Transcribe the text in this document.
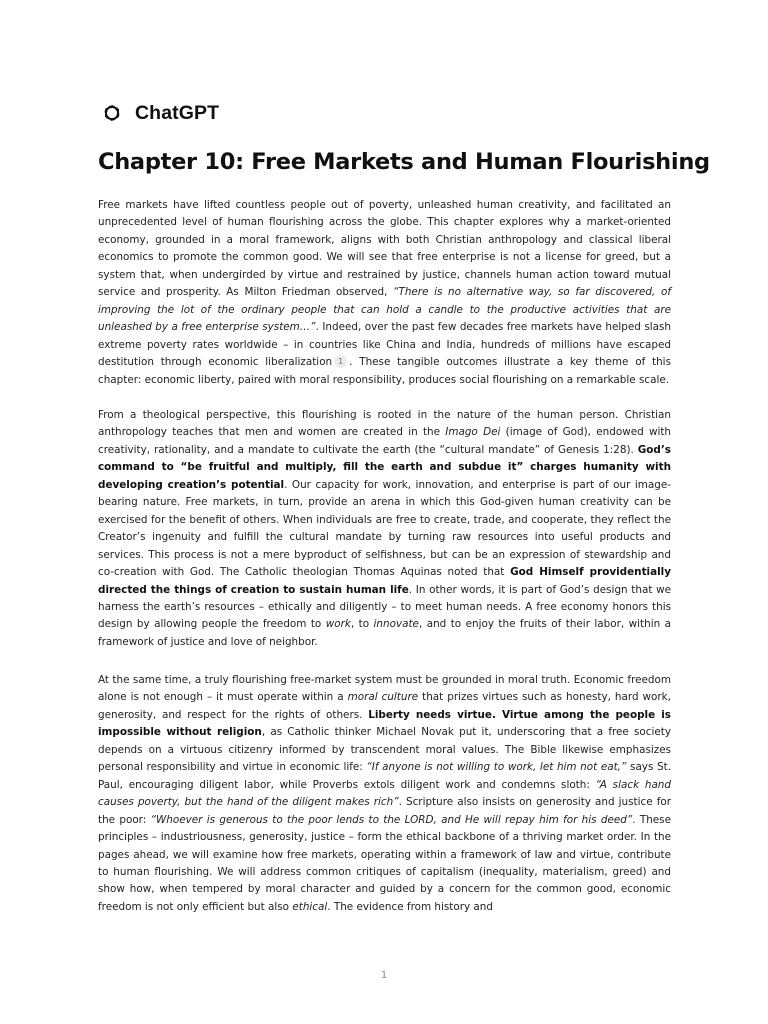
ChatGPT
Chapter 10: Free Markets and Human Flourishing

Free markets have lifted countless people out of poverty, unleashed human creativity, and facilitated an unprecedented level of human flourishing across the globe. This chapter explores why a market-oriented economy, grounded in a moral framework, aligns with both Christian anthropology and classical liberal economics to promote the common good. We will see that free enterprise is not a license for greed, but a system that, when undergirded by virtue and restrained by justice, channels human action toward mutual service and prosperity. As Milton Friedman observed, “There is no alternative way, so far discovered, of improving the lot of the ordinary people that can hold a candle to the productive activities that are unleashed by a free enterprise system…”. Indeed, over the past few decades free markets have helped slash extreme poverty rates worldwide – in countries like China and India, hundreds of millions have escaped destitution through economic liberalization 1 . These tangible outcomes illustrate a key theme of this chapter: economic liberty, paired with moral responsibility, produces social flourishing on a remarkable scale.

From a theological perspective, this flourishing is rooted in the nature of the human person. Christian anthropology teaches that men and women are created in the Imago Dei (image of God), endowed with creativity, rationality, and a mandate to cultivate the earth (the “cultural mandate” of Genesis 1:28). God’s command to “be fruitful and multiply, fill the earth and subdue it” charges humanity with developing creation’s potential. Our capacity for work, innovation, and enterprise is part of our image-bearing nature. Free markets, in turn, provide an arena in which this God-given human creativity can be exercised for the benefit of others. When individuals are free to create, trade, and cooperate, they reflect the Creator’s ingenuity and fulfill the cultural mandate by turning raw resources into useful products and services. This process is not a mere byproduct of selfishness, but can be an expression of stewardship and co-creation with God. The Catholic theologian Thomas Aquinas noted that God Himself providentially directed the things of creation to sustain human life. In other words, it is part of God’s design that we harness the earth’s resources – ethically and diligently – to meet human needs. A free economy honors this design by allowing people the freedom to work, to innovate, and to enjoy the fruits of their labor, within a framework of justice and love of neighbor.

At the same time, a truly flourishing free-market system must be grounded in moral truth. Economic freedom alone is not enough – it must operate within a moral culture that prizes virtues such as honesty, hard work, generosity, and respect for the rights of others. Liberty needs virtue. Virtue among the people is impossible without religion, as Catholic thinker Michael Novak put it, underscoring that a free society depends on a virtuous citizenry informed by transcendent moral values. The Bible likewise emphasizes personal responsibility and virtue in economic life: “If anyone is not willing to work, let him not eat,” says St. Paul, encouraging diligent labor, while Proverbs extols diligent work and condemns sloth: “A slack hand causes poverty, but the hand of the diligent makes rich”. Scripture also insists on generosity and justice for the poor: “Whoever is generous to the poor lends to the LORD, and He will repay him for his deed”. These principles – industriousness, generosity, justice – form the ethical backbone of a thriving market order. In the pages ahead, we will examine how free markets, operating within a framework of law and virtue, contribute to human flourishing. We will address common critiques of capitalism (inequality, materialism, greed) and show how, when tempered by moral character and guided by a concern for the common good, economic freedom is not only efficient but also ethical. The evidence from history and

1
